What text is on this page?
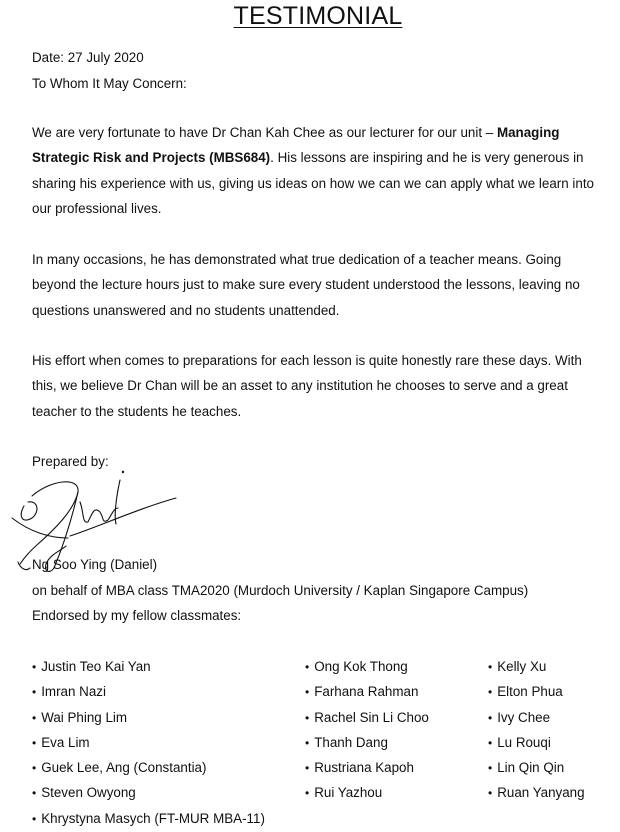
TESTIMONIAL
Date: 27 July 2020
To Whom It May Concern:
We are very fortunate to have Dr Chan Kah Chee as our lecturer for our unit – Managing Strategic Risk and Projects (MBS684). His lessons are inspiring and he is very generous in sharing his experience with us, giving us ideas on how we can we can apply what we learn into our professional lives.
In many occasions, he has demonstrated what true dedication of a teacher means. Going beyond the lecture hours just to make sure every student understood the lessons, leaving no questions unanswered and no students unattended.
His effort when comes to preparations for each lesson is quite honestly rare these days. With this, we believe Dr Chan will be an asset to any institution he chooses to serve and a great teacher to the students he teaches.
Prepared by:
Ng Soo Ying (Daniel)
on behalf of MBA class TMA2020 (Murdoch University / Kaplan Singapore Campus)
Endorsed by my fellow classmates:
• Justin Teo Kai Yan
• Imran Nazi
• Wai Phing Lim
• Eva Lim
• Guek Lee, Ang (Constantia)
• Steven Owyong
• Khrystyna Masych (FT-MUR MBA-11)
• Ong Kok Thong
• Farhana Rahman
• Rachel Sin Li Choo
• Thanh Dang
• Rustriana Kapoh
• Rui Yazhou
• Kelly Xu
• Elton Phua
• Ivy Chee
• Lu Rouqi
• Lin Qin Qin
• Ruan Yanyang
